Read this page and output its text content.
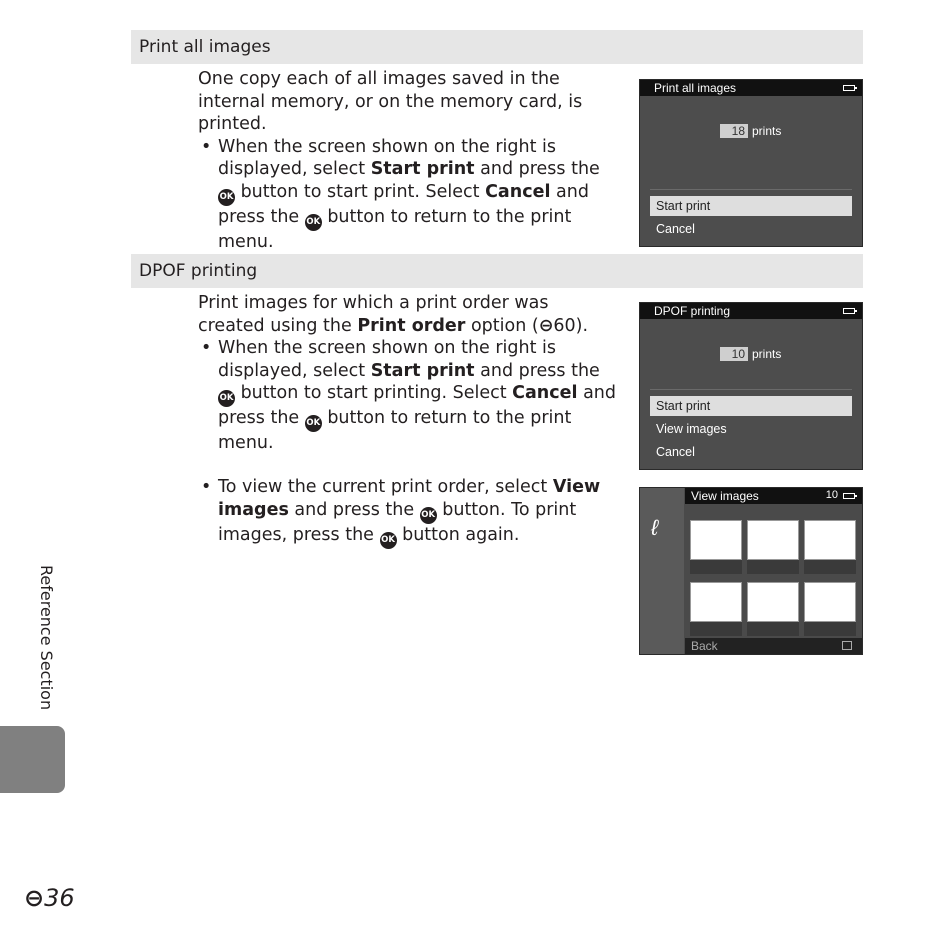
Print all images

One copy each of all images saved in the internal memory, or on the memory card, is printed.

• When the screen shown on the right is displayed, select Start print and press the OK button to start print. Select Cancel and press the OK button to return to the print menu.

Print all images
18 prints
Start print
Cancel
DPOF printing

Print images for which a print order was created using the Print order option (⊖60).

• When the screen shown on the right is displayed, select Start print and press the OK button to start printing. Select Cancel and press the OK button to return to the print menu.

DPOF printing
10 prints
Start print
View images
Cancel

• To view the current print order, select View images and press the OK button. To print images, press the OK button again.	ℓ
View images	10
Back
Reference Section
⊖36
